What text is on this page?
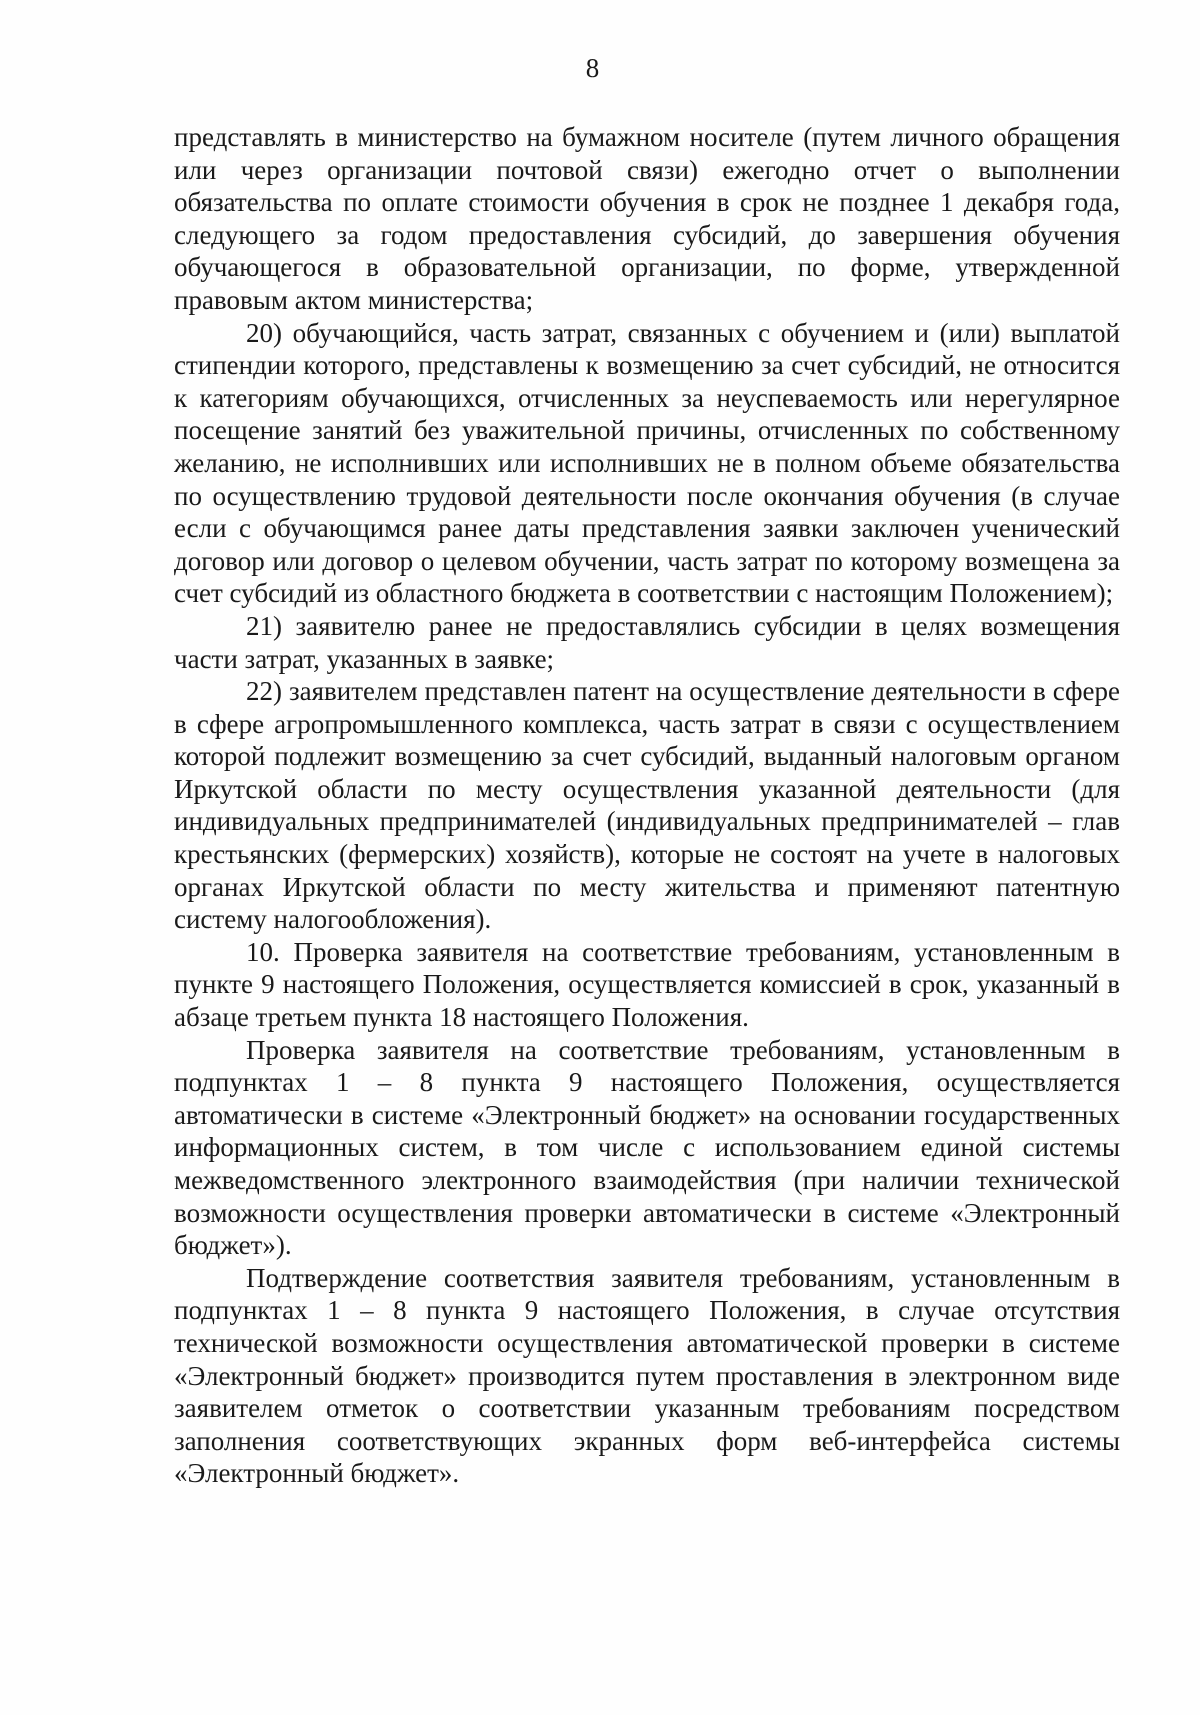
8

представлять в министерство на бумажном носителе (путем личного обращения или через организации почтовой связи) ежегодно отчет о выполнении обязательства по оплате стоимости обучения в срок не позднее 1 декабря года, следующего за годом предоставления субсидий, до завершения обучения обучающегося в образовательной организации, по форме, утвержденной правовым актом министерства;

20) обучающийся, часть затрат, связанных с обучением и (или) выплатой стипендии которого, представлены к возмещению за счет субсидий, не относится к категориям обучающихся, отчисленных за неуспеваемость или нерегулярное посещение занятий без уважительной причины, отчисленных по собственному желанию, не исполнивших или исполнивших не в полном объеме обязательства по осуществлению трудовой деятельности после окончания обучения (в случае если с обучающимся ранее даты представления заявки заключен ученический договор или договор о целевом обучении, часть затрат по которому возмещена за счет субсидий из областного бюджета в соответствии с настоящим Положением);

21) заявителю ранее не предоставлялись субсидии в целях возмещения части затрат, указанных в заявке;

22) заявителем представлен патент на осуществление деятельности в сфере в сфере агропромышленного комплекса, часть затрат в связи с осуществлением которой подлежит возмещению за счет субсидий, выданный налоговым органом Иркутской области по месту осуществления указанной деятельности (для индивидуальных предпринимателей (индивидуальных предпринимателей – глав крестьянских (фермерских) хозяйств), которые не состоят на учете в налоговых органах Иркутской области по месту жительства и применяют патентную систему налогообложения).

10. Проверка заявителя на соответствие требованиям, установленным в пункте 9 настоящего Положения, осуществляется комиссией в срок, указанный в абзаце третьем пункта 18 настоящего Положения.

Проверка заявителя на соответствие требованиям, установленным в подпунктах 1 – 8 пункта 9 настоящего Положения, осуществляется автоматически в системе «Электронный бюджет» на основании государственных информационных систем, в том числе с использованием единой системы межведомственного электронного взаимодействия (при наличии технической возможности осуществления проверки автоматически в системе «Электронный бюджет»).

Подтверждение соответствия заявителя требованиям, установленным в подпунктах 1 – 8 пункта 9 настоящего Положения, в случае отсутствия технической возможности осуществления автоматической проверки в системе «Электронный бюджет» производится путем проставления в электронном виде заявителем отметок о соответствии указанным требованиям посредством заполнения соответствующих экранных форм веб-интерфейса системы «Электронный бюджет».
